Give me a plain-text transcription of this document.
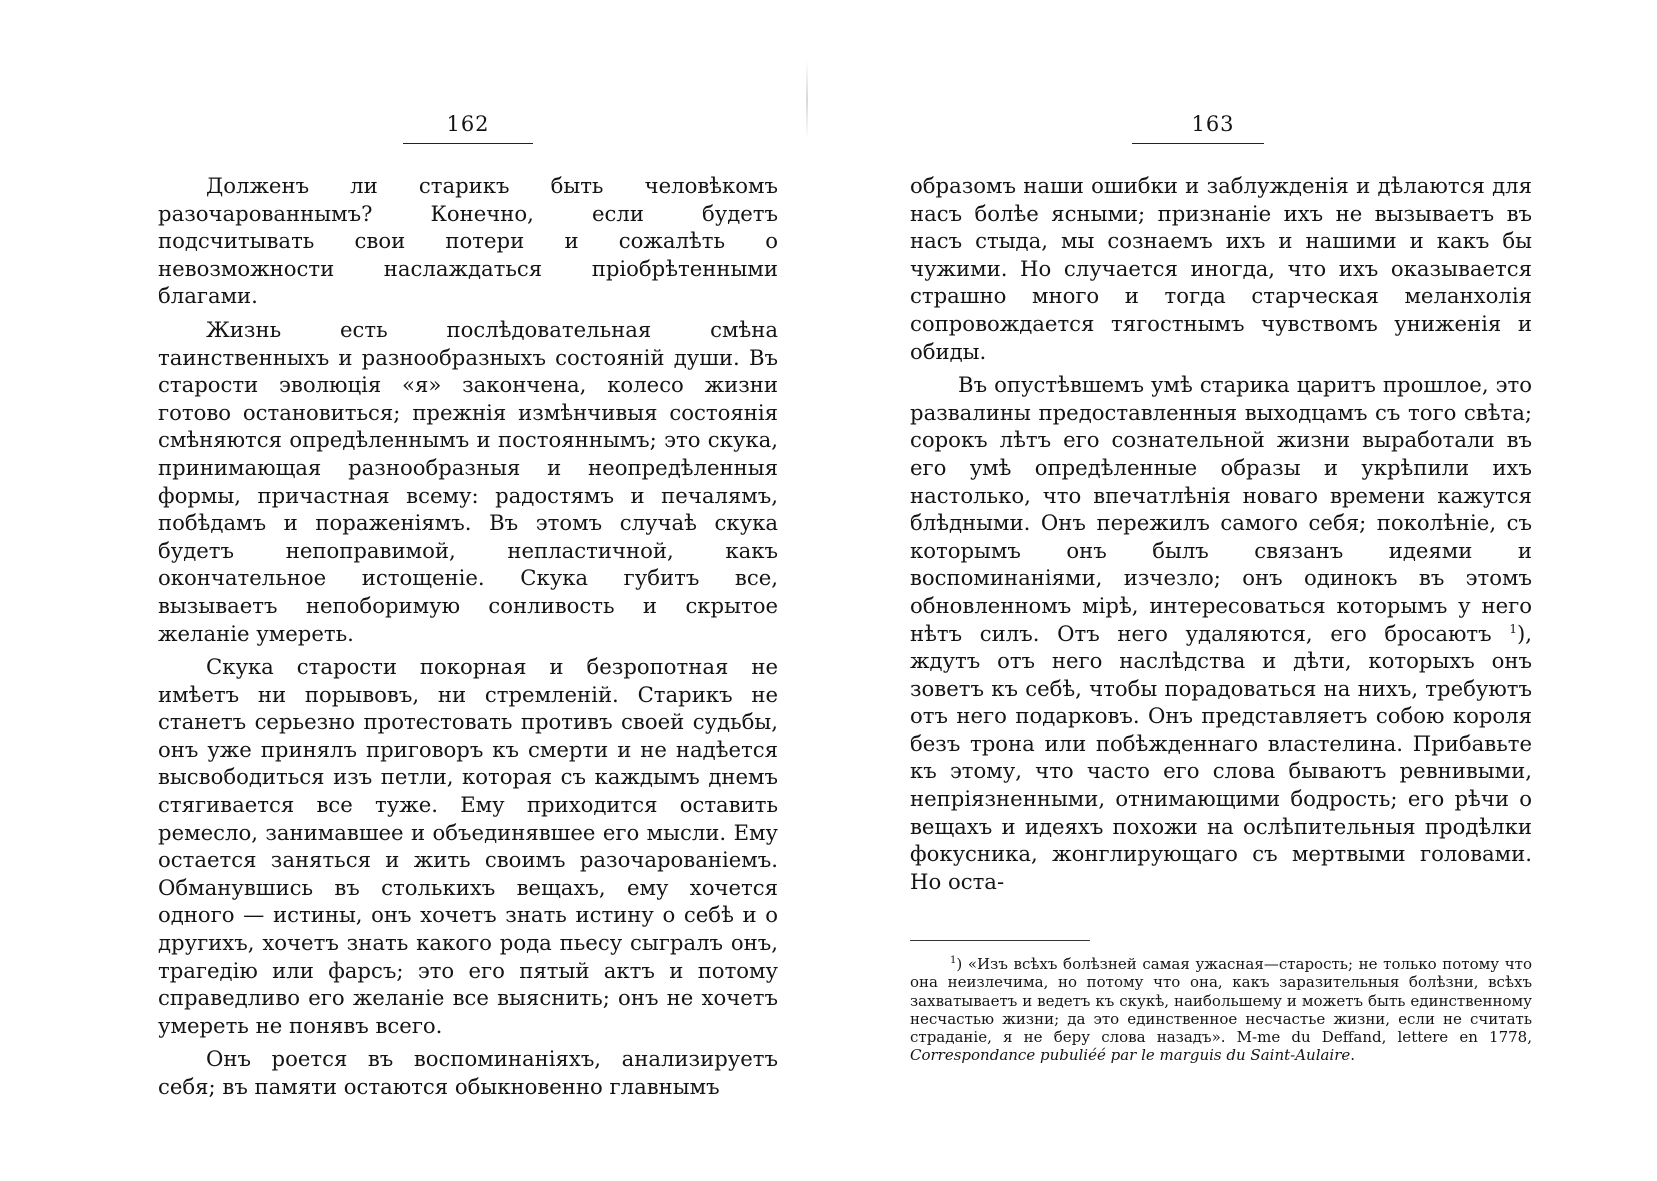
162

Долженъ ли старикъ быть человѣкомъ разочарованнымъ? Конечно, если будетъ подсчитывать свои потери и сожалѣть о невозможности наслаждаться пріобрѣтенными благами.

Жизнь есть послѣдовательная смѣна таинственныхъ и разнообразныхъ состояній души. Въ старости эволюція «я» закончена, колесо жизни готово остановиться; прежнія измѣнчивыя состоянія смѣняются опредѣленнымъ и постояннымъ; это скука, принимающая разнообразныя и неопредѣленныя формы, причастная всему: радостямъ и печалямъ, побѣдамъ и пораженіямъ. Въ этомъ случаѣ скука будетъ непоправимой, непластичной, какъ окончательное истощеніе. Скука губитъ все, вызываетъ непоборимую сонливость и скрытое желаніе умереть.

Скука старости покорная и безропотная не имѣетъ ни порывовъ, ни стремленій. Старикъ не станетъ серьезно протестовать противъ своей судьбы, онъ уже принялъ приговоръ къ смерти и не надѣется высвободиться изъ петли, которая съ каждымъ днемъ стягивается все туже. Ему приходится оставить ремесло, занимавшее и объединявшее его мысли. Ему остается заняться и жить своимъ разочарованіемъ. Обманувшись въ столькихъ вещахъ, ему хочется одного — истины, онъ хочетъ знать истину о себѣ и о другихъ, хочетъ знать какого рода пьесу сыгралъ онъ, трагедію или фарсъ; это его пятый актъ и потому справедливо его желаніе все выяснить; онъ не хочетъ умереть не понявъ всего.

Онъ роется въ воспоминаніяхъ, анализируетъ себя; въ памяти остаются обыкновенно главнымъ

163

образомъ наши ошибки и заблужденія и дѣлаются для насъ болѣе ясными; признаніе ихъ не вызываетъ въ насъ стыда, мы сознаемъ ихъ и нашими и какъ бы чужими. Но случается иногда, что ихъ оказывается страшно много и тогда старческая меланхолія сопровождается тягостнымъ чувствомъ униженія и обиды.

Въ опустѣвшемъ умѣ старика царитъ прошлое, это развалины предоставленныя выходцамъ съ того свѣта; сорокъ лѣтъ его сознательной жизни выработали въ его умѣ опредѣленные образы и укрѣпили ихъ настолько, что впечатлѣнія новаго времени кажутся блѣдными. Онъ пережилъ самого себя; поколѣніе, съ которымъ онъ былъ связанъ идеями и воспоминаніями, изчезло; онъ одинокъ въ этомъ обновленномъ мірѣ, интересоваться которымъ у него нѣтъ силъ. Отъ него удаляются, его бросаютъ $^1$), ждутъ отъ него наслѣдства и дѣти, которыхъ онъ зоветъ къ себѣ, чтобы порадоваться на нихъ, требуютъ отъ него подарковъ. Онъ представляетъ собою короля безъ трона или побѣжденнаго властелина. Прибавьте къ этому, что часто его слова бываютъ ревнивыми, непріязненными, отнимающими бодрость; его рѣчи о вещахъ и идеяхъ похожи на ослѣпительныя продѣлки фокусника, жонглирующаго съ мертвыми головами. Но оста-

$^1$) «Изъ всѣхъ болѣзней самая ужасная—старость; не только потому что она неизлечима, но потому что она, какъ заразительныя болѣзни, всѣхъ захватываетъ и ведетъ къ скукѣ, наибольшему и можетъ быть единственному несчастью жизни; да это единственное несчастье жизни, если не считать страданіе, я не беру слова назадъ». M-me du Deffand, lettere en 1778, Correspondance pubuliéé par le marguis du Saint-Aulaire.
